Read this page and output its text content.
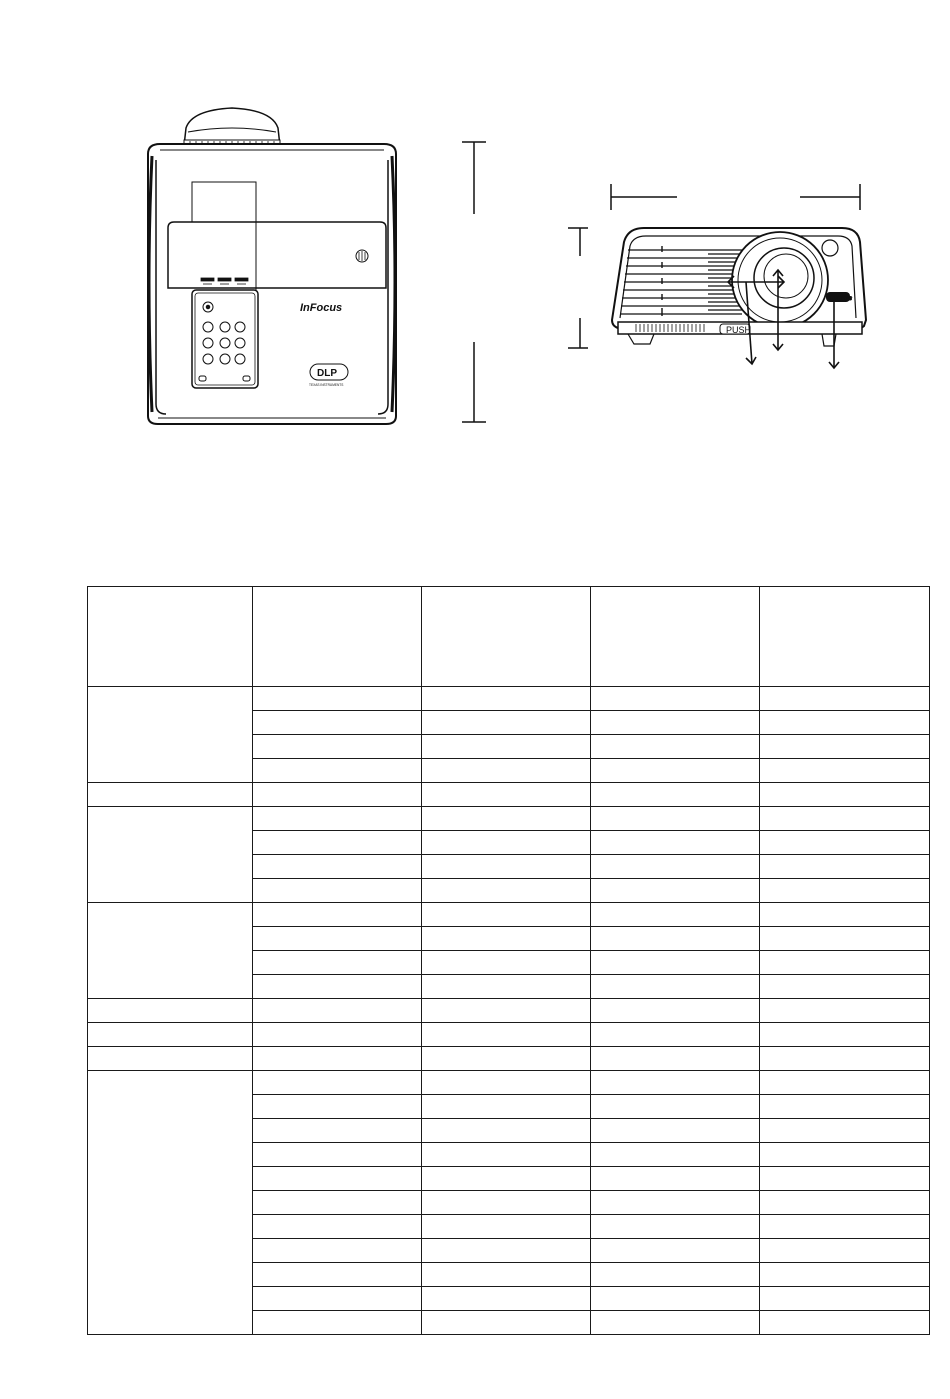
InFocus
DLP
TEXAS INSTRUMENTS
InFocus
PUSH
